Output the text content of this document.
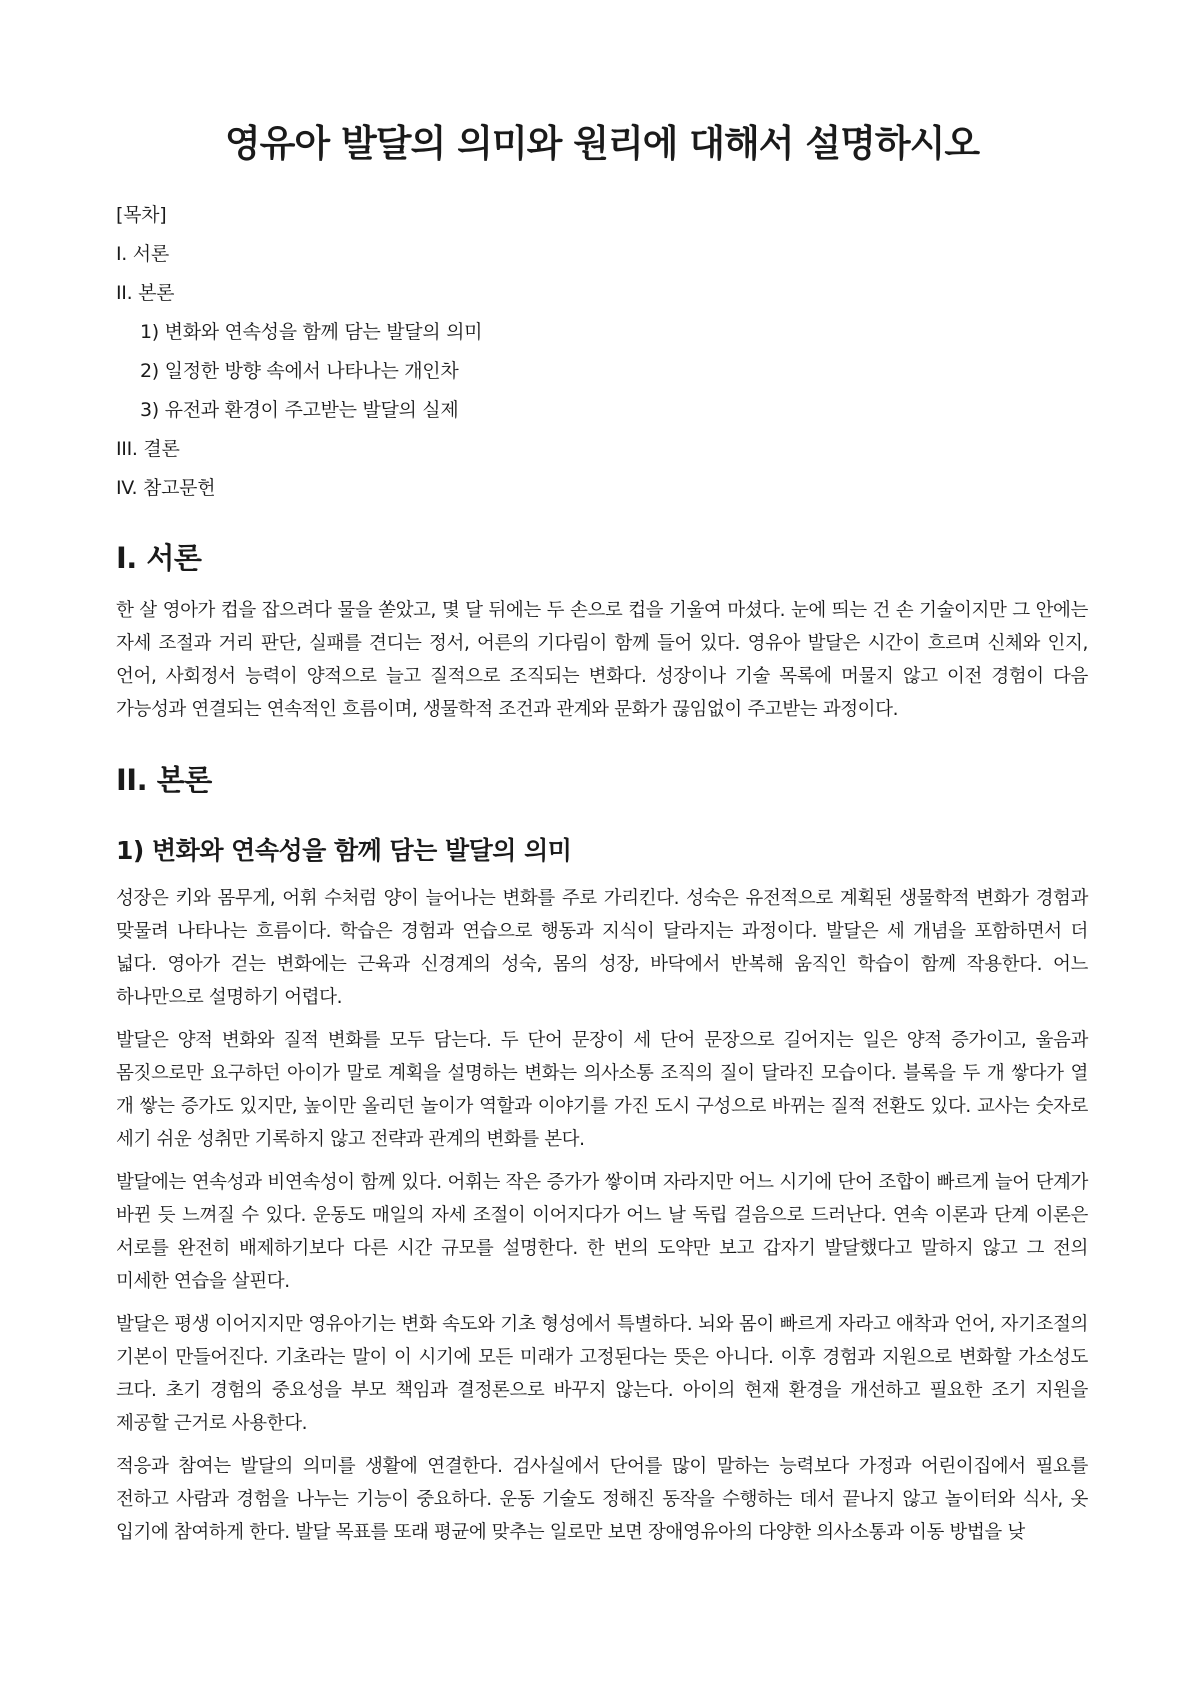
영유아 발달의 의미와 원리에 대해서 설명하시오
[목차]
I. 서론
II. 본론
1) 변화와 연속성을 함께 담는 발달의 의미
2) 일정한 방향 속에서 나타나는 개인차
3) 유전과 환경이 주고받는 발달의 실제
III. 결론
IV. 참고문헌
I. 서론

한 살 영아가 컵을 잡으려다 물을 쏟았고, 몇 달 뒤에는 두 손으로 컵을 기울여 마셨다. 눈에 띄는 건 손 기술이지만 그 안에는 자세 조절과 거리 판단, 실패를 견디는 정서, 어른의 기다림이 함께 들어 있다. 영유아 발달은 시간이 흐르며 신체와 인지, 언어, 사회정서 능력이 양적으로 늘고 질적으로 조직되는 변화다. 성장이나 기술 목록에 머물지 않고 이전 경험이 다음 가능성과 연결되는 연속적인 흐름이며, 생물학적 조건과 관계와 문화가 끊임없이 주고받는 과정이다.

II. 본론
1) 변화와 연속성을 함께 담는 발달의 의미

성장은 키와 몸무게, 어휘 수처럼 양이 늘어나는 변화를 주로 가리킨다. 성숙은 유전적으로 계획된 생물학적 변화가 경험과 맞물려 나타나는 흐름이다. 학습은 경험과 연습으로 행동과 지식이 달라지는 과정이다. 발달은 세 개념을 포함하면서 더 넓다. 영아가 걷는 변화에는 근육과 신경계의 성숙, 몸의 성장, 바닥에서 반복해 움직인 학습이 함께 작용한다. 어느 하나만으로 설명하기 어렵다.

발달은 양적 변화와 질적 변화를 모두 담는다. 두 단어 문장이 세 단어 문장으로 길어지는 일은 양적 증가이고, 울음과 몸짓으로만 요구하던 아이가 말로 계획을 설명하는 변화는 의사소통 조직의 질이 달라진 모습이다. 블록을 두 개 쌓다가 열 개 쌓는 증가도 있지만, 높이만 올리던 놀이가 역할과 이야기를 가진 도시 구성으로 바뀌는 질적 전환도 있다. 교사는 숫자로 세기 쉬운 성취만 기록하지 않고 전략과 관계의 변화를 본다.

발달에는 연속성과 비연속성이 함께 있다. 어휘는 작은 증가가 쌓이며 자라지만 어느 시기에 단어 조합이 빠르게 늘어 단계가 바뀐 듯 느껴질 수 있다. 운동도 매일의 자세 조절이 이어지다가 어느 날 독립 걸음으로 드러난다. 연속 이론과 단계 이론은 서로를 완전히 배제하기보다 다른 시간 규모를 설명한다. 한 번의 도약만 보고 갑자기 발달했다고 말하지 않고 그 전의 미세한 연습을 살핀다.

발달은 평생 이어지지만 영유아기는 변화 속도와 기초 형성에서 특별하다. 뇌와 몸이 빠르게 자라고 애착과 언어, 자기조절의 기본이 만들어진다. 기초라는 말이 이 시기에 모든 미래가 고정된다는 뜻은 아니다. 이후 경험과 지원으로 변화할 가소성도 크다. 초기 경험의 중요성을 부모 책임과 결정론으로 바꾸지 않는다. 아이의 현재 환경을 개선하고 필요한 조기 지원을 제공할 근거로 사용한다.

적응과 참여는 발달의 의미를 생활에 연결한다. 검사실에서 단어를 많이 말하는 능력보다 가정과 어린이집에서 필요를 전하고 사람과 경험을 나누는 기능이 중요하다. 운동 기술도 정해진 동작을 수행하는 데서 끝나지 않고 놀이터와 식사, 옷 입기에 참여하게 한다. 발달 목표를 또래 평균에 맞추는 일로만 보면 장애영유아의 다양한 의사소통과 이동 방법을 낮
